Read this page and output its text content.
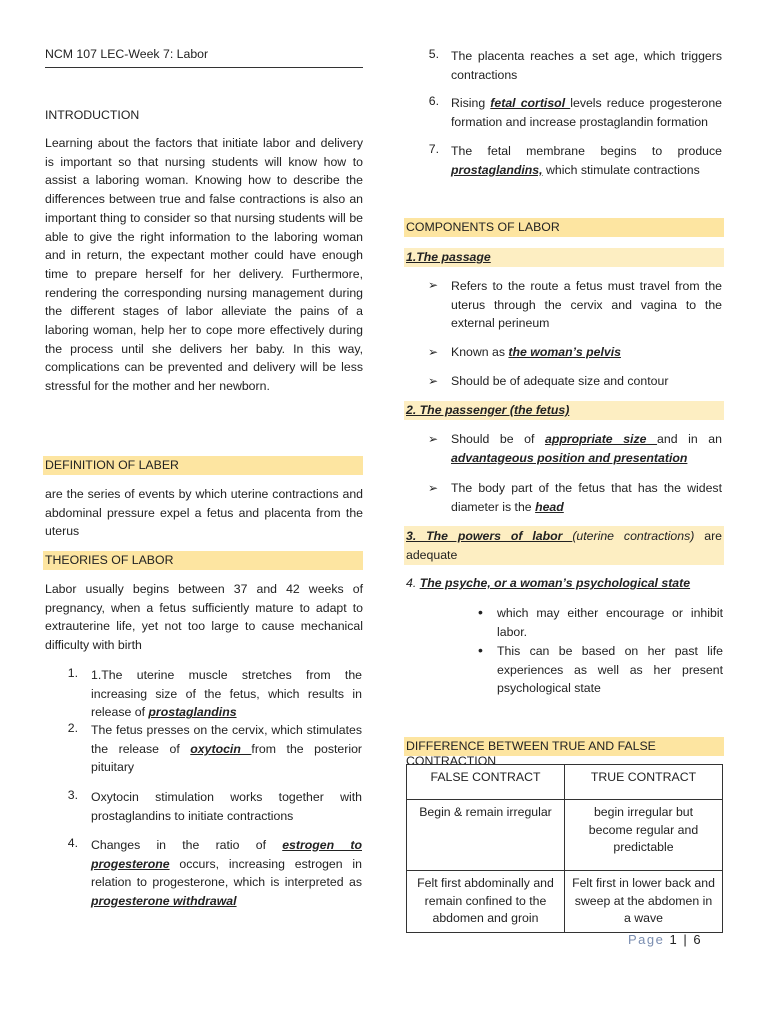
NCM 107 LEC-Week 7: Labor
INTRODUCTION

Learning about the factors that initiate labor and delivery is important so that nursing students will know how to assist a laboring woman. Knowing how to describe the differences between true and false contractions is also an important thing to consider so that nursing students will be able to give the right information to the laboring woman and in return, the expectant mother could have enough time to prepare herself for her delivery. Furthermore, rendering the corresponding nursing management during the different stages of labor alleviate the pains of a laboring woman, help her to cope more effectively during the process until she delivers her baby. In this way, complications can be prevented and delivery will be less stressful for the mother and her newborn.

DEFINITION OF LABER

are the series of events by which uterine contractions and abdominal pressure expel a fetus and placenta from the uterus

THEORIES OF LABOR

Labor usually begins between 37 and 42 weeks of pregnancy, when a fetus sufficiently mature to adapt to extrauterine life, yet not too large to cause mechanical difficulty with birth

1. 1.The uterine muscle stretches from the increasing size of the fetus, which results in release of prostaglandins

2. The fetus presses on the cervix, which stimulates the release of oxytocin from the posterior pituitary

3. Oxytocin stimulation works together with prostaglandins to initiate contractions

4. Changes in the ratio of estrogen to progesterone occurs, increasing estrogen in relation to progesterone, which is interpreted as progesterone withdrawal

5. The placenta reaches a set age, which triggers contractions

6. Rising fetal cortisol levels reduce progesterone formation and increase prostaglandin formation

7. The fetal membrane begins to produce prostaglandins, which stimulate contractions

COMPONENTS OF LABOR
1.The passage
➢	Refers to the route a fetus must travel from the uterus through the cervix and vagina to the external perineum

➢	Known as the woman’s pelvis

➢	Should be of adequate size and contour

2. The passenger (the fetus)
➢	Should be of appropriate size and in an advantageous position and presentation

➢	The body part of the fetus that has the widest diameter is the head

3. The powers of labor (uterine contractions) are adequate
4. The psyche, or a woman’s psychological state
•	which may either encourage or inhibit labor.

•	This can be based on her past life experiences as well as her present psychological state

DIFFERENCE BETWEEN TRUE AND FALSE CONTRACTION
FALSE CONTRACT	TRUE CONTRACT
Begin & remain irregular	begin irregular but become regular and predictable
Felt first abdominally and remain confined to the abdomen and groin	Felt first in lower back and sweep at the abdomen in a wave
Page 1 | 6
